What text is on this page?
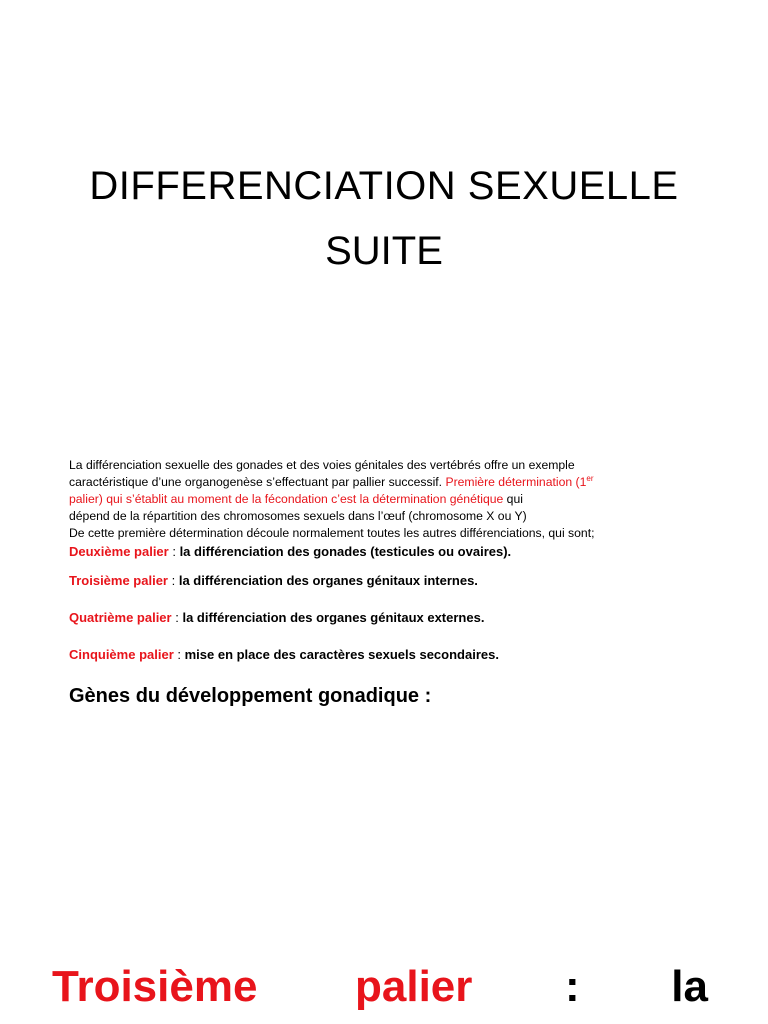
DIFFERENCIATION SEXUELLE
SUITE
La différenciation sexuelle des gonades et des voies génitales des vertébrés offre un exemple
caractéristique d’une organogenèse s’effectuant par pallier successif. Première détermination (1er
palier) qui s’établit au moment de la fécondation c’est la détermination génétique qui
dépend de la répartition des chromosomes sexuels dans l’œuf (chromosome X ou Y)
De cette première détermination découle normalement toutes les autres différenciations, qui sont;

Deuxième palier : la différenciation des gonades (testicules ou ovaires).

Troisième palier : la différenciation des organes génitaux internes.

Quatrième palier : la différenciation des organes génitaux externes.

Cinquième palier : mise en place des caractères sexuels secondaires.

Gènes du développement gonadique :
Troisième palier : la
